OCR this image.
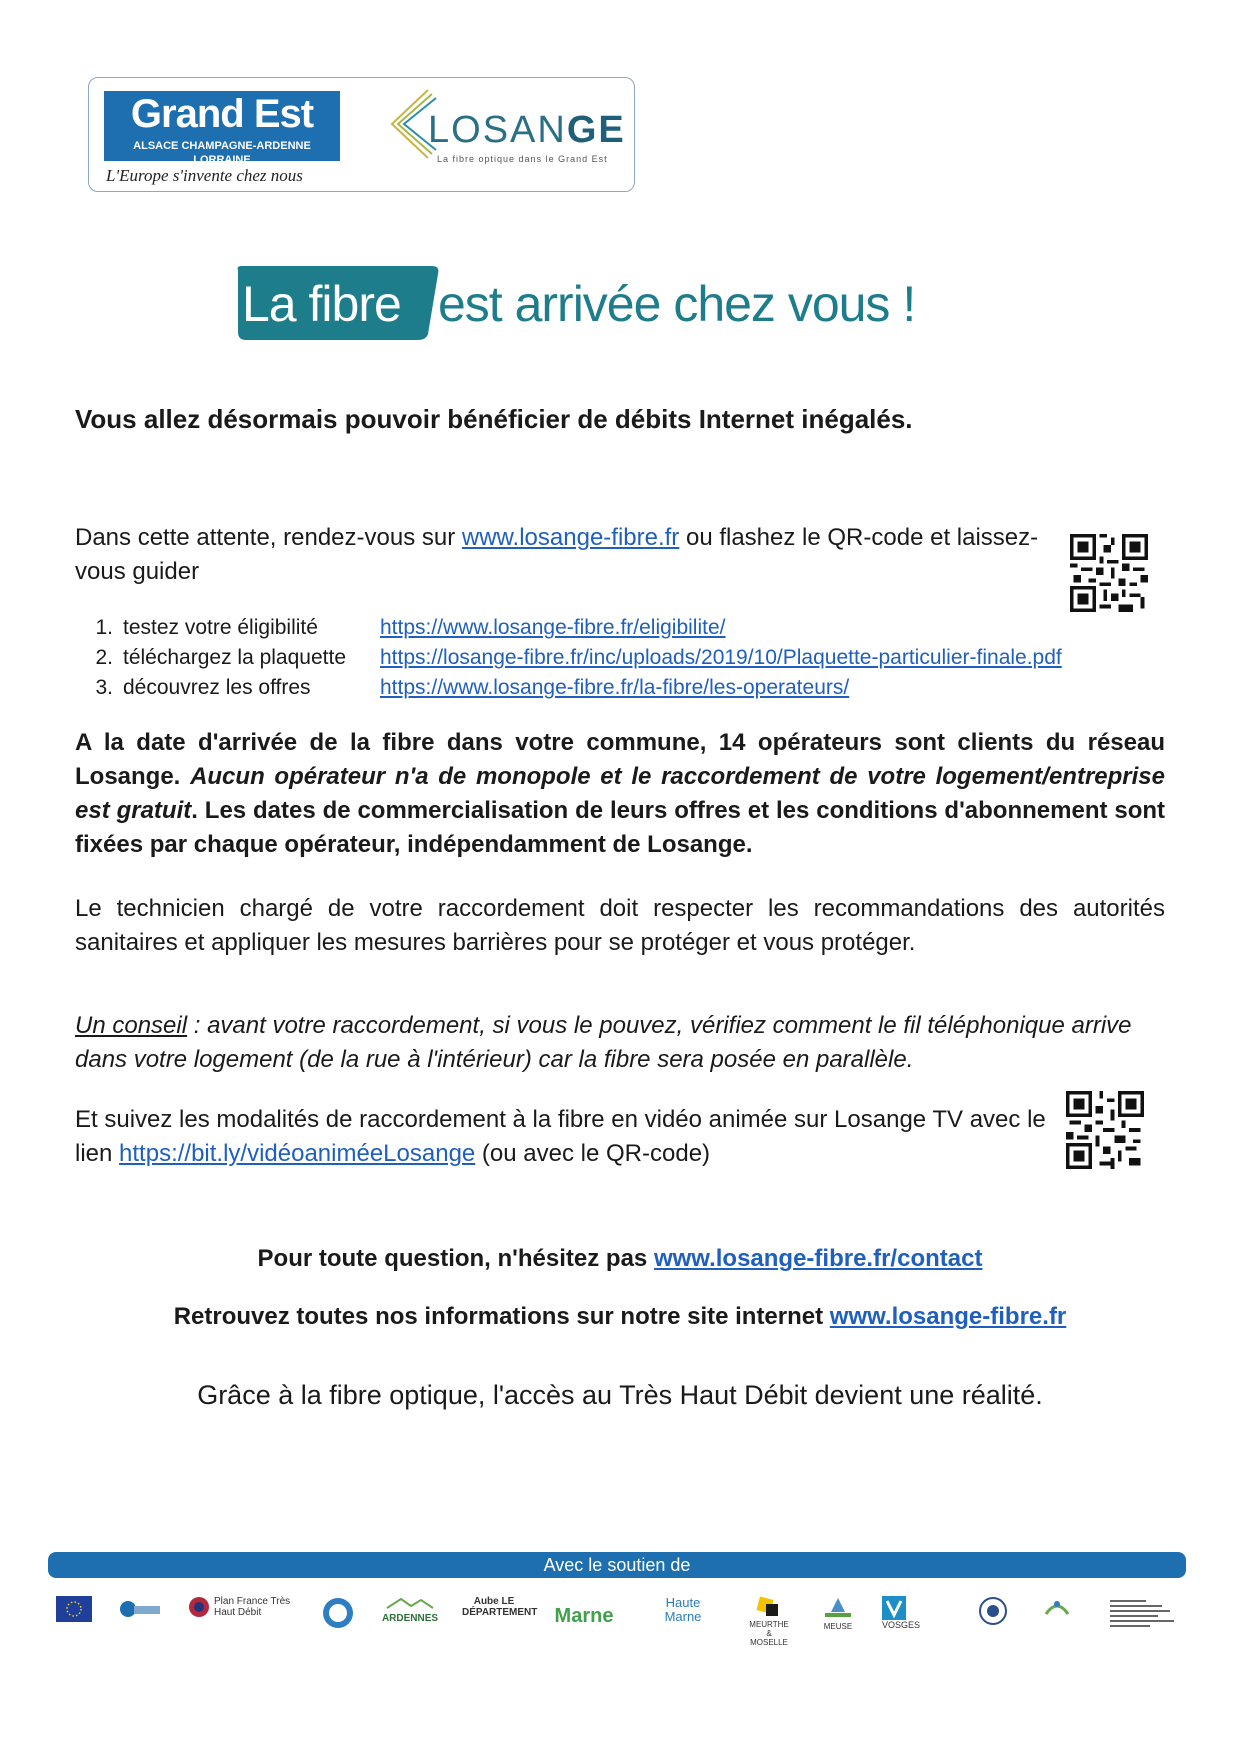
Grand Est
ALSACE CHAMPAGNE-ARDENNE LORRAINE
L'Europe s'invente chez nous
LOSANGE
La fibre optique dans le Grand Est
La fibre est arrivée chez vous !
Vous allez désormais pouvoir bénéficier de débits Internet inégalés.
Dans cette attente, rendez-vous sur www.losange-fibre.fr ou flashez le QR-code et laissez-vous guider
1. testez votre éligibilité	https://www.losange-fibre.fr/eligibilite/
2. téléchargez la plaquette https://losange-fibre.fr/inc/uploads/2019/10/Plaquette-particulier-finale.pdf
3. découvrez les offres	https://www.losange-fibre.fr/la-fibre/les-operateurs/
A la date d'arrivée de la fibre dans votre commune, 14 opérateurs sont clients du réseau Losange. Aucun opérateur n'a de monopole et le raccordement de votre logement/entreprise est gratuit. Les dates de commercialisation de leurs offres et les conditions d'abonnement sont fixées par chaque opérateur, indépendamment de Losange.
Le technicien chargé de votre raccordement doit respecter les recommandations des autorités sanitaires et appliquer les mesures barrières pour se protéger et vous protéger.
Un conseil : avant votre raccordement, si vous le pouvez, vérifiez comment le fil téléphonique arrive dans votre logement (de la rue à l'intérieur) car la fibre sera posée en parallèle.
Et suivez les modalités de raccordement à la fibre en vidéo animée sur Losange TV avec le lien https://bit.ly/vidéoaniméeLosange (ou avec le QR-code)
Pour toute question, n'hésitez pas www.losange-fibre.fr/contact
Retrouvez toutes nos informations sur notre site internet www.losange-fibre.fr
Grâce à la fibre optique, l'accès au Très Haut Débit devient une réalité.
Avec le soutien de
Plan France Très Haut Débit

ARDENNES
Aube LE DÉPARTEMENT Marne
Haute Marne

MEURTHE & MOSELLE

MEUSE	VOSGES
